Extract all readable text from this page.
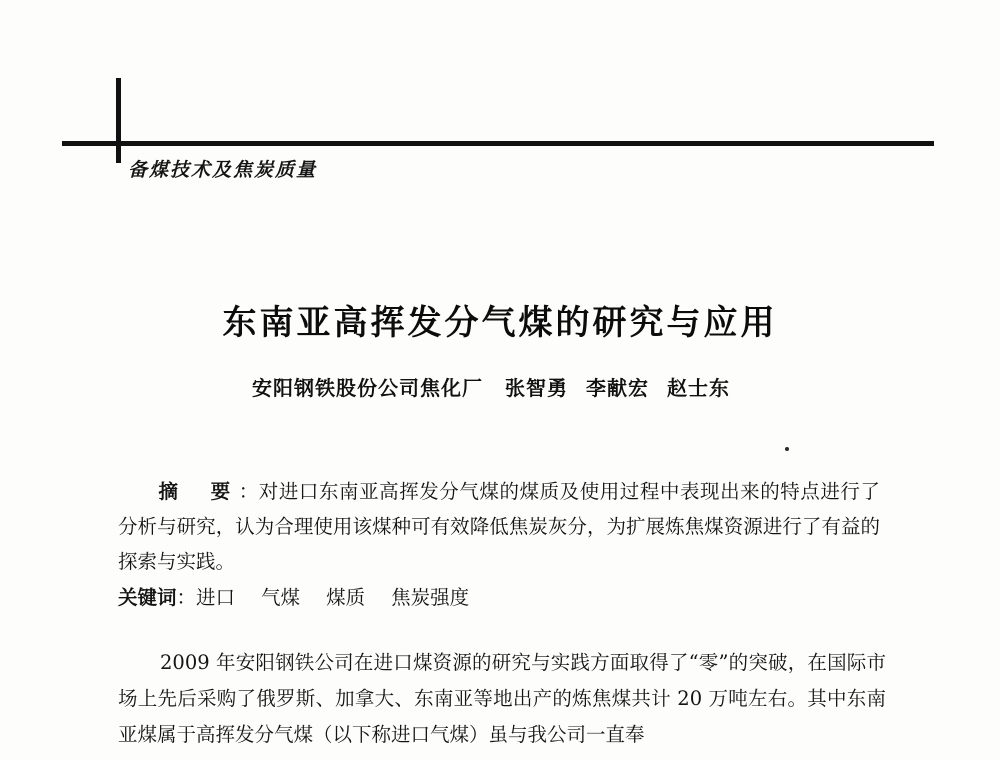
备煤技术及焦炭质量
东南亚高挥发分气煤的研究与应用
安阳钢铁股份公司焦化厂 张智勇 李献宏 赵士东
摘　要 ：对进口东南亚高挥发分气煤的煤质及使用过程中表现出来的特点进行了分析与研究，认为合理使用该煤种可有效降低焦炭灰分，为扩展炼焦煤资源进行了有益的探索与实践。
关键词：进口 气煤 煤质 焦炭强度

2009 年安阳钢铁公司在进口煤资源的研究与实践方面取得了“零”的突破，在国际市场上先后采购了俄罗斯、加拿大、东南亚等地出产的炼焦煤共计 20 万吨左右。其中东南亚煤属于高挥发分气煤（以下称进口气煤）虽与我公司一直奉
